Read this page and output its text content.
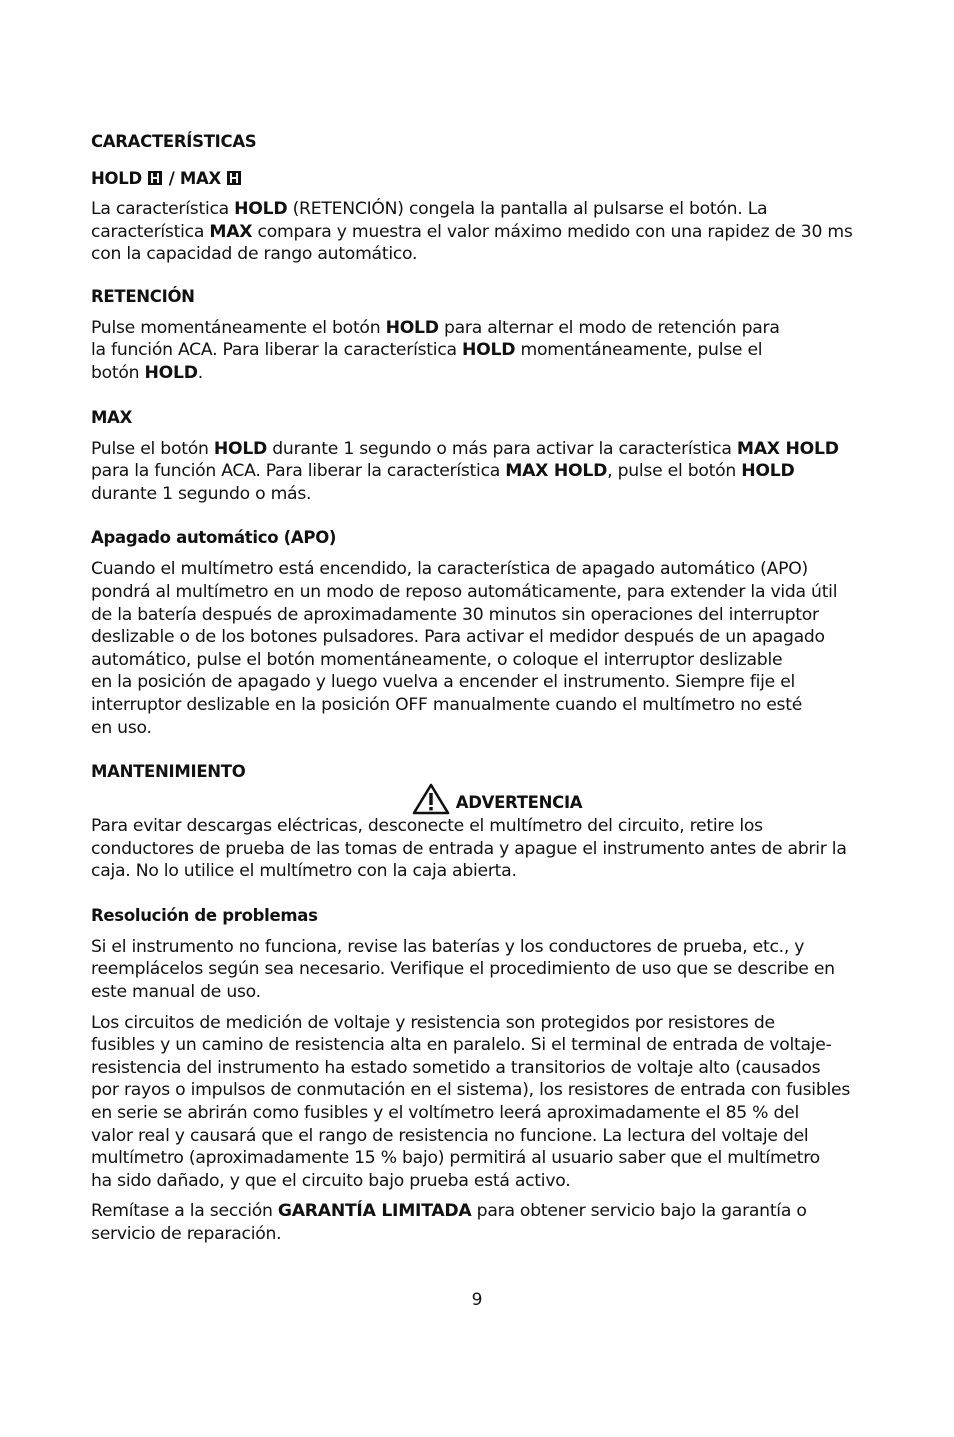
CARACTERÍSTICAS

HOLD / MAX

La característica HOLD (RETENCIÓN) congela la pantalla al pulsarse el botón. La
característica MAX compara y muestra el valor máximo medido con una rapidez de 30 ms
con la capacidad de rango automático.

RETENCIÓN

Pulse momentáneamente el botón HOLD para alternar el modo de retención para
la función ACA. Para liberar la característica HOLD momentáneamente, pulse el
botón HOLD.

MAX

Pulse el botón HOLD durante 1 segundo o más para activar la característica MAX HOLD
para la función ACA. Para liberar la característica MAX HOLD, pulse el botón HOLD
durante 1 segundo o más.

Apagado automático (APO)

Cuando el multímetro está encendido, la característica de apagado automático (APO)
pondrá al multímetro en un modo de reposo automáticamente, para extender la vida útil
de la batería después de aproximadamente 30 minutos sin operaciones del interruptor
deslizable o de los botones pulsadores. Para activar el medidor después de un apagado
automático, pulse el botón momentáneamente, o coloque el interruptor deslizable
en la posición de apagado y luego vuelva a encender el instrumento. Siempre fije el
interruptor deslizable en la posición OFF manualmente cuando el multímetro no esté
en uso.

MANTENIMIENTO

ADVERTENCIA

Para evitar descargas eléctricas, desconecte el multímetro del circuito, retire los
conductores de prueba de las tomas de entrada y apague el instrumento antes de abrir la
caja. No lo utilice el multímetro con la caja abierta.

Resolución de problemas

Si el instrumento no funciona, revise las baterías y los conductores de prueba, etc., y
reemplácelos según sea necesario. Verifique el procedimiento de uso que se describe en
este manual de uso.

Los circuitos de medición de voltaje y resistencia son protegidos por resistores de
fusibles y un camino de resistencia alta en paralelo. Si el terminal de entrada de voltaje-
resistencia del instrumento ha estado sometido a transitorios de voltaje alto (causados
por rayos o impulsos de conmutación en el sistema), los resistores de entrada con fusibles
en serie se abrirán como fusibles y el voltímetro leerá aproximadamente el 85 % del
valor real y causará que el rango de resistencia no funcione. La lectura del voltaje del
multímetro (aproximadamente 15 % bajo) permitirá al usuario saber que el multímetro
ha sido dañado, y que el circuito bajo prueba está activo.

Remítase a la sección GARANTÍA LIMITADA para obtener servicio bajo la garantía o
servicio de reparación.

9
